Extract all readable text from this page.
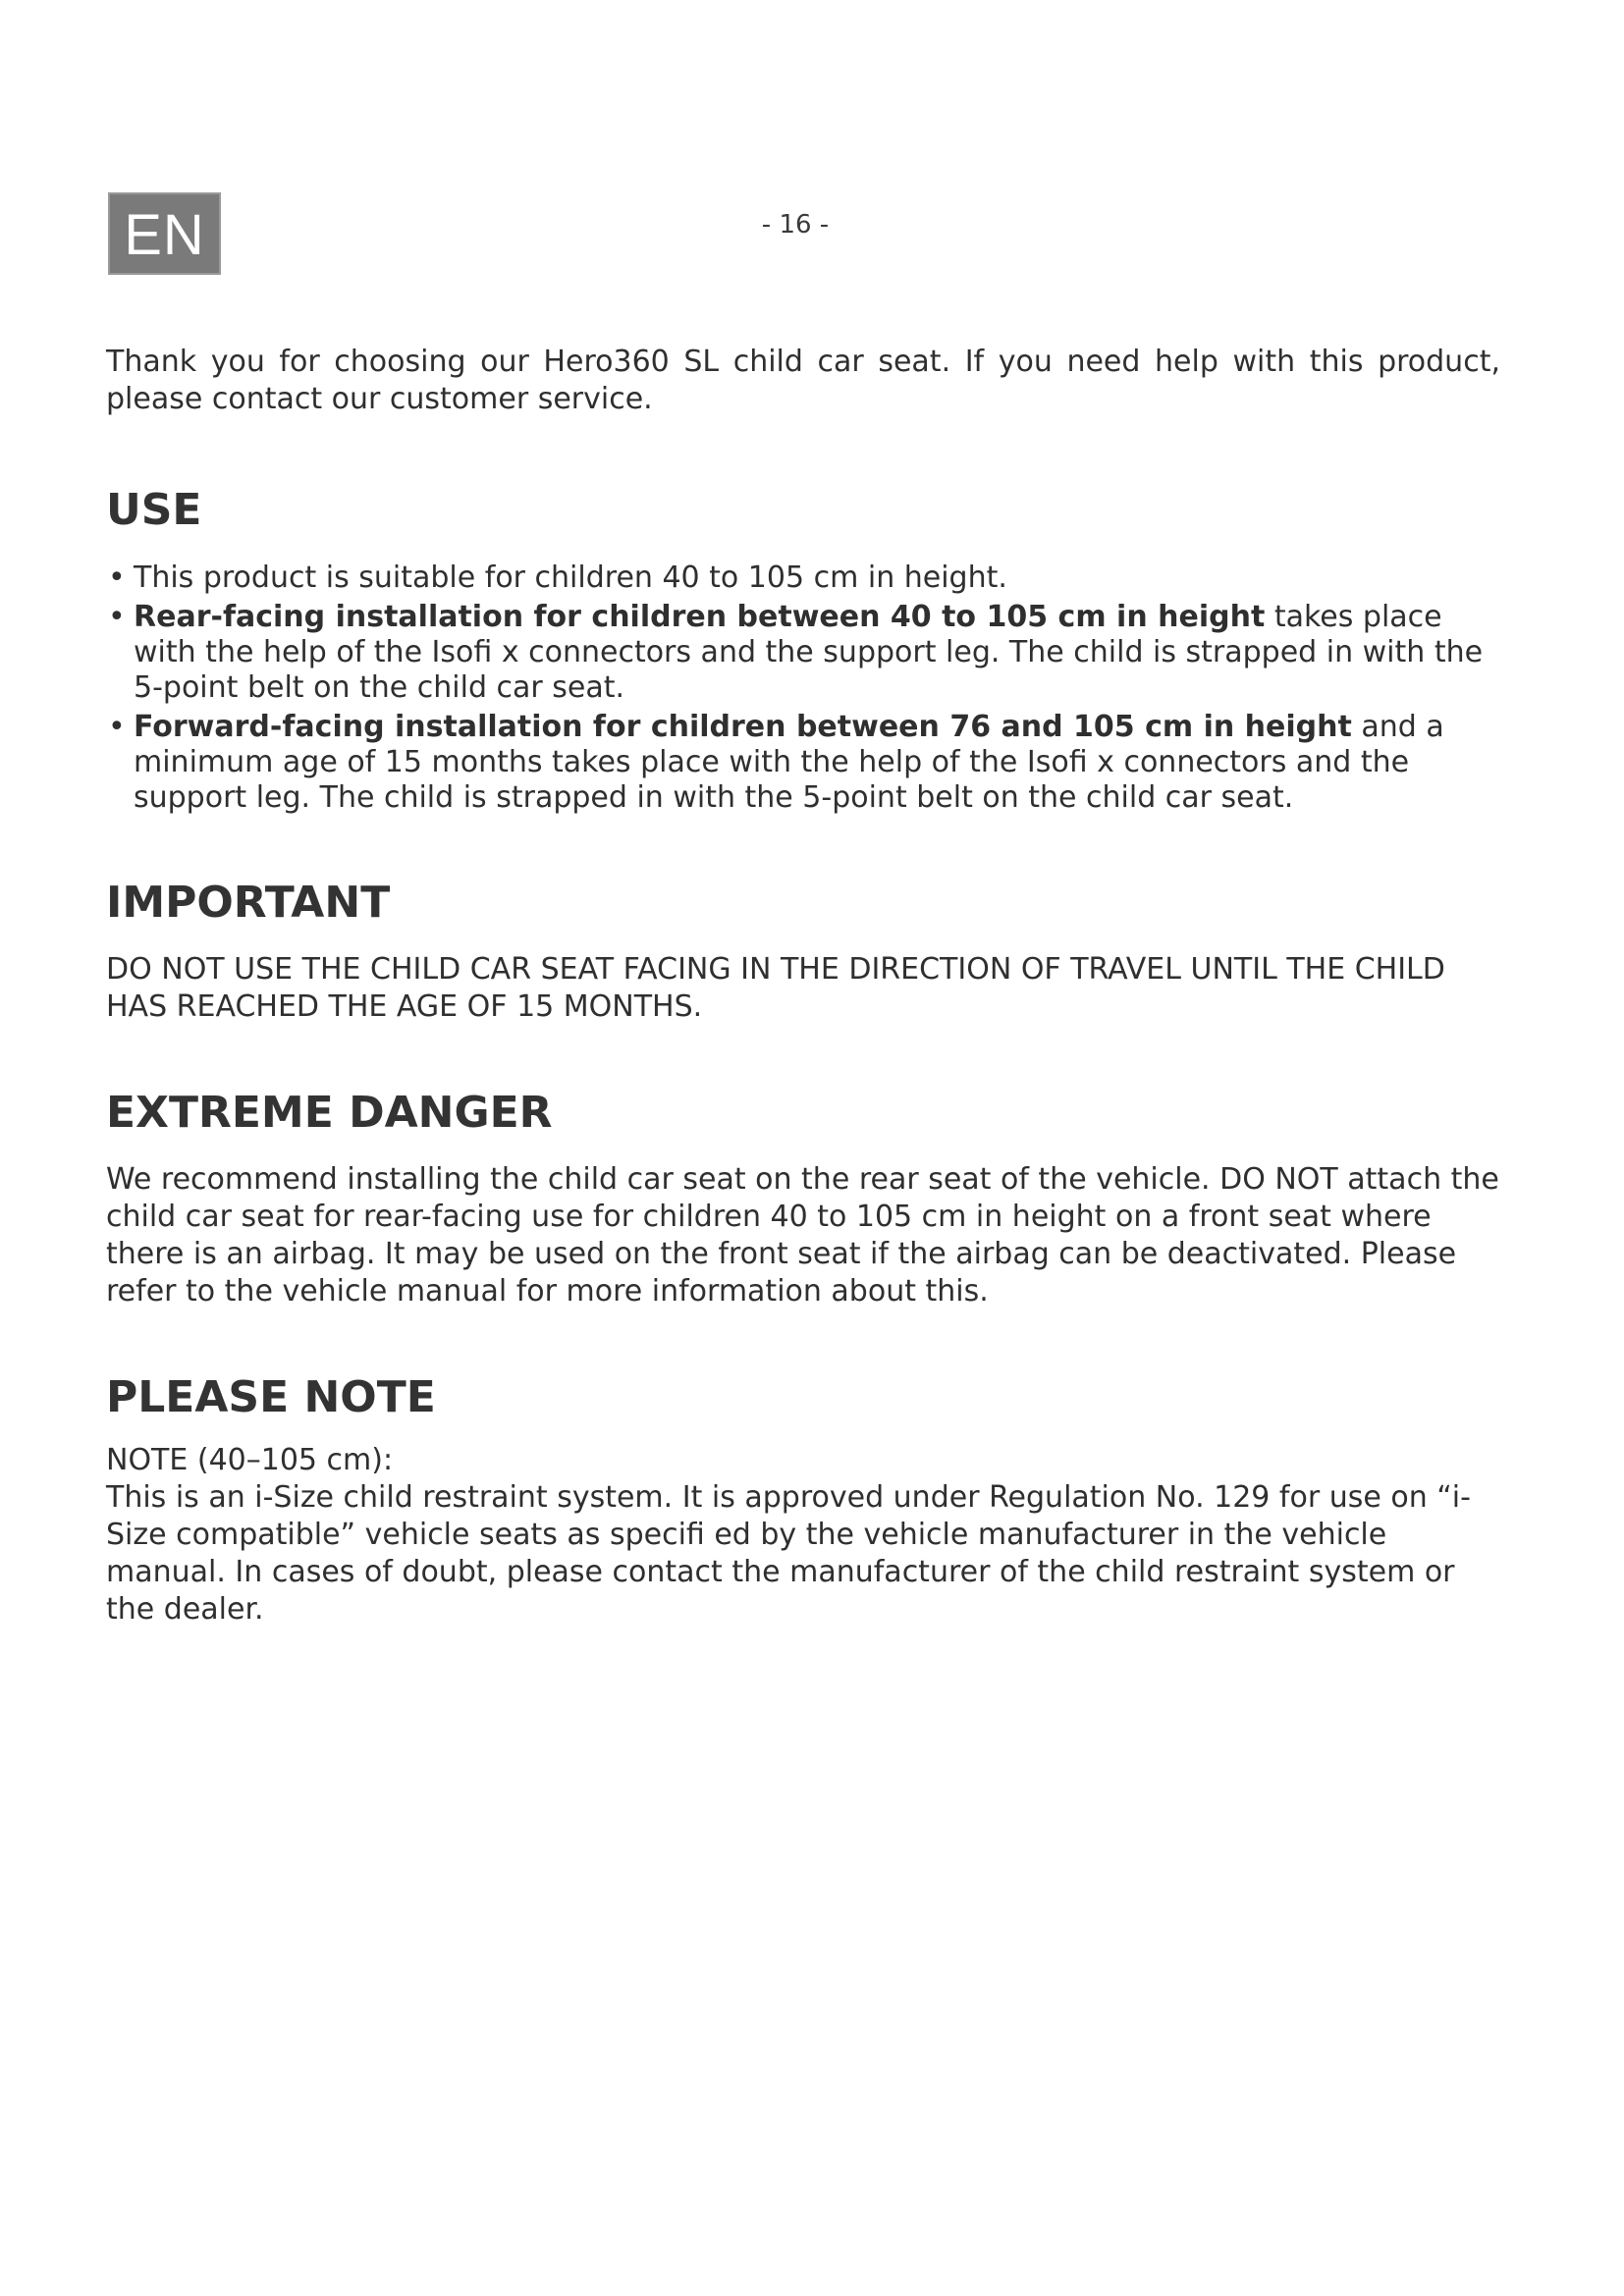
EN	- 16 -

Thank you for choosing our Hero360 SL child car seat. If you need help with this product, please contact our customer service.

USE
• This product is suitable for children 40 to 105 cm in height.
• Rear-facing installation for children between 40 to 105 cm in height takes place with the help of the Isofi x connectors and the support leg. The child is strapped in with the 5-point belt on the child car seat.
• Forward-facing installation for children between 76 and 105 cm in height and a minimum age of 15 months takes place with the help of the Isofi x connectors and the support leg. The child is strapped in with the 5-point belt on the child car seat.
IMPORTANT

DO NOT USE THE CHILD CAR SEAT FACING IN THE DIRECTION OF TRAVEL UNTIL THE CHILD HAS REACHED THE AGE OF 15 MONTHS.

EXTREME DANGER

We recommend installing the child car seat on the rear seat of the vehicle. DO NOT attach the child car seat for rear-facing use for children 40 to 105 cm in height on a front seat where there is an airbag. It may be used on the front seat if the airbag can be deactivated. Please refer to the vehicle manual for more information about this.

PLEASE NOTE

NOTE (40–105 cm):

This is an i-Size child restraint system. It is approved under Regulation No. 129 for use on “i-Size compatible” vehicle seats as specifi ed by the vehicle manufacturer in the vehicle manual. In cases of doubt, please contact the manufacturer of the child restraint system or the dealer.
